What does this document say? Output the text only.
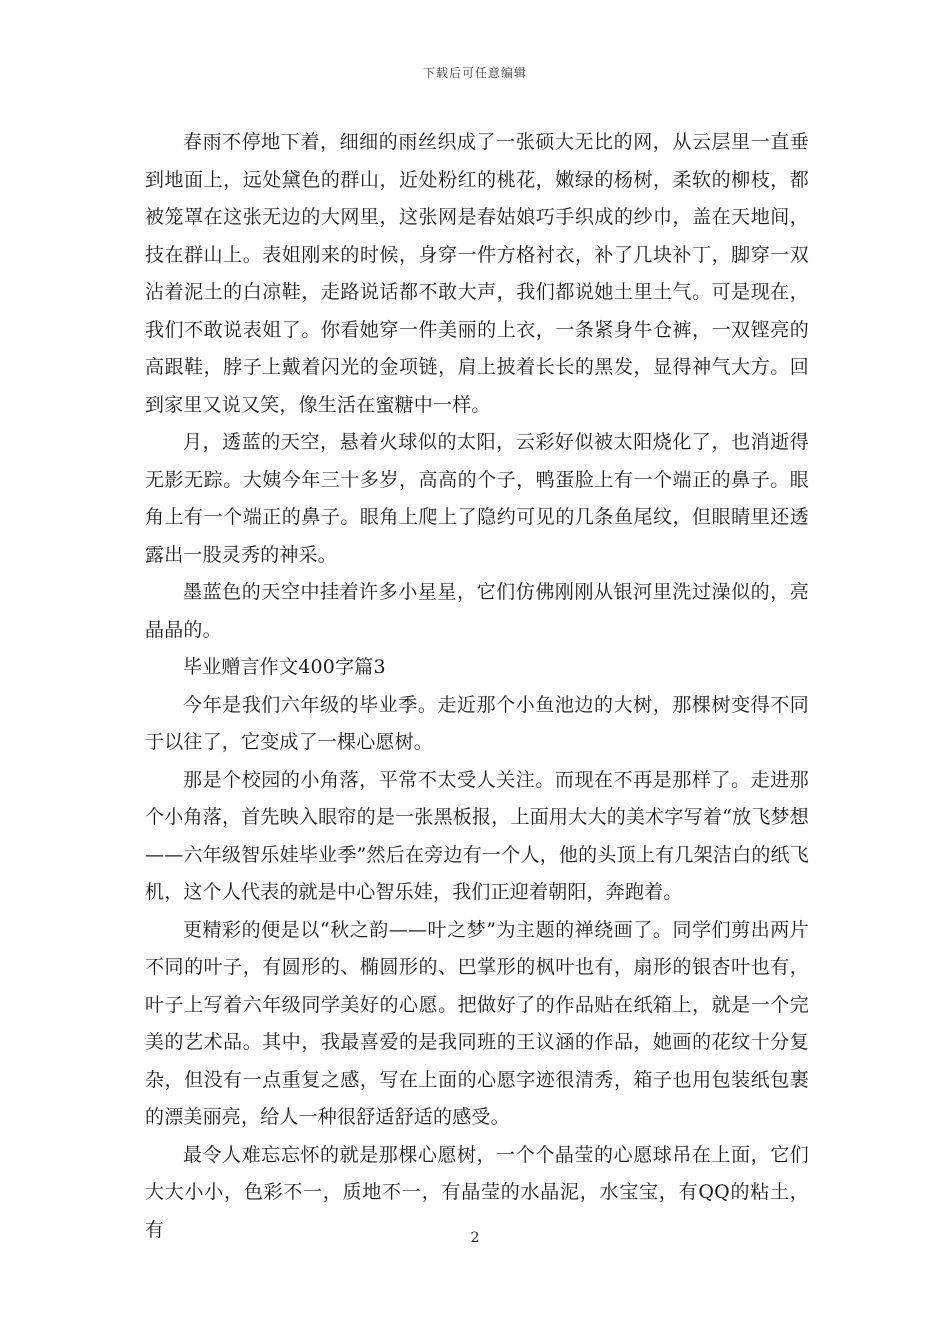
下载后可任意编辑

春雨不停地下着，细细的雨丝织成了一张硕大无比的网，从云层里一直垂到地面上，远处黛色的群山，近处粉红的桃花，嫩绿的杨树，柔软的柳枝，都被笼罩在这张无边的大网里，这张网是春姑娘巧手织成的纱巾，盖在天地间，技在群山上。表姐刚来的时候，身穿一件方格衬衣，补了几块补丁，脚穿一双沾着泥土的白凉鞋，走路说话都不敢大声，我们都说她土里土气。可是现在，我们不敢说表姐了。你看她穿一件美丽的上衣，一条紧身牛仓裤，一双铿亮的高跟鞋，脖子上戴着闪光的金项链，肩上披着长长的黑发，显得神气大方。回到家里又说又笑，像生活在蜜糖中一样。

月，透蓝的天空，悬着火球似的太阳，云彩好似被太阳烧化了，也消逝得无影无踪。大姨今年三十多岁，高高的个子，鸭蛋脸上有一个端正的鼻子。眼角上有一个端正的鼻子。眼角上爬上了隐约可见的几条鱼尾纹，但眼睛里还透露出一股灵秀的神采。

墨蓝色的天空中挂着许多小星星，它们仿佛刚刚从银河里洗过澡似的，亮晶晶的。

毕业赠言作文400字篇3

今年是我们六年级的毕业季。走近那个小鱼池边的大树，那棵树变得不同于以往了，它变成了一棵心愿树。

那是个校园的小角落，平常不太受人关注。而现在不再是那样了。走进那个小角落，首先映入眼帘的是一张黑板报，上面用大大的美术字写着“放飞梦想——六年级智乐娃毕业季”然后在旁边有一个人，他的头顶上有几架洁白的纸飞机，这个人代表的就是中心智乐娃，我们正迎着朝阳，奔跑着。

更精彩的便是以“秋之韵——叶之梦”为主题的禅绕画了。同学们剪出两片不同的叶子，有圆形的、椭圆形的、巴掌形的枫叶也有，扇形的银杏叶也有，叶子上写着六年级同学美好的心愿。把做好了的作品贴在纸箱上，就是一个完美的艺术品。其中，我最喜爱的是我同班的王议涵的作品，她画的花纹十分复杂，但没有一点重复之感，写在上面的心愿字迹很清秀，箱子也用包装纸包裹的漂美丽亮，给人一种很舒适舒适的感受。

最令人难忘忘怀的就是那棵心愿树，一个个晶莹的心愿球吊在上面，它们大大小小，色彩不一，质地不一，有晶莹的水晶泥，水宝宝，有QQ的粘土，有	2
